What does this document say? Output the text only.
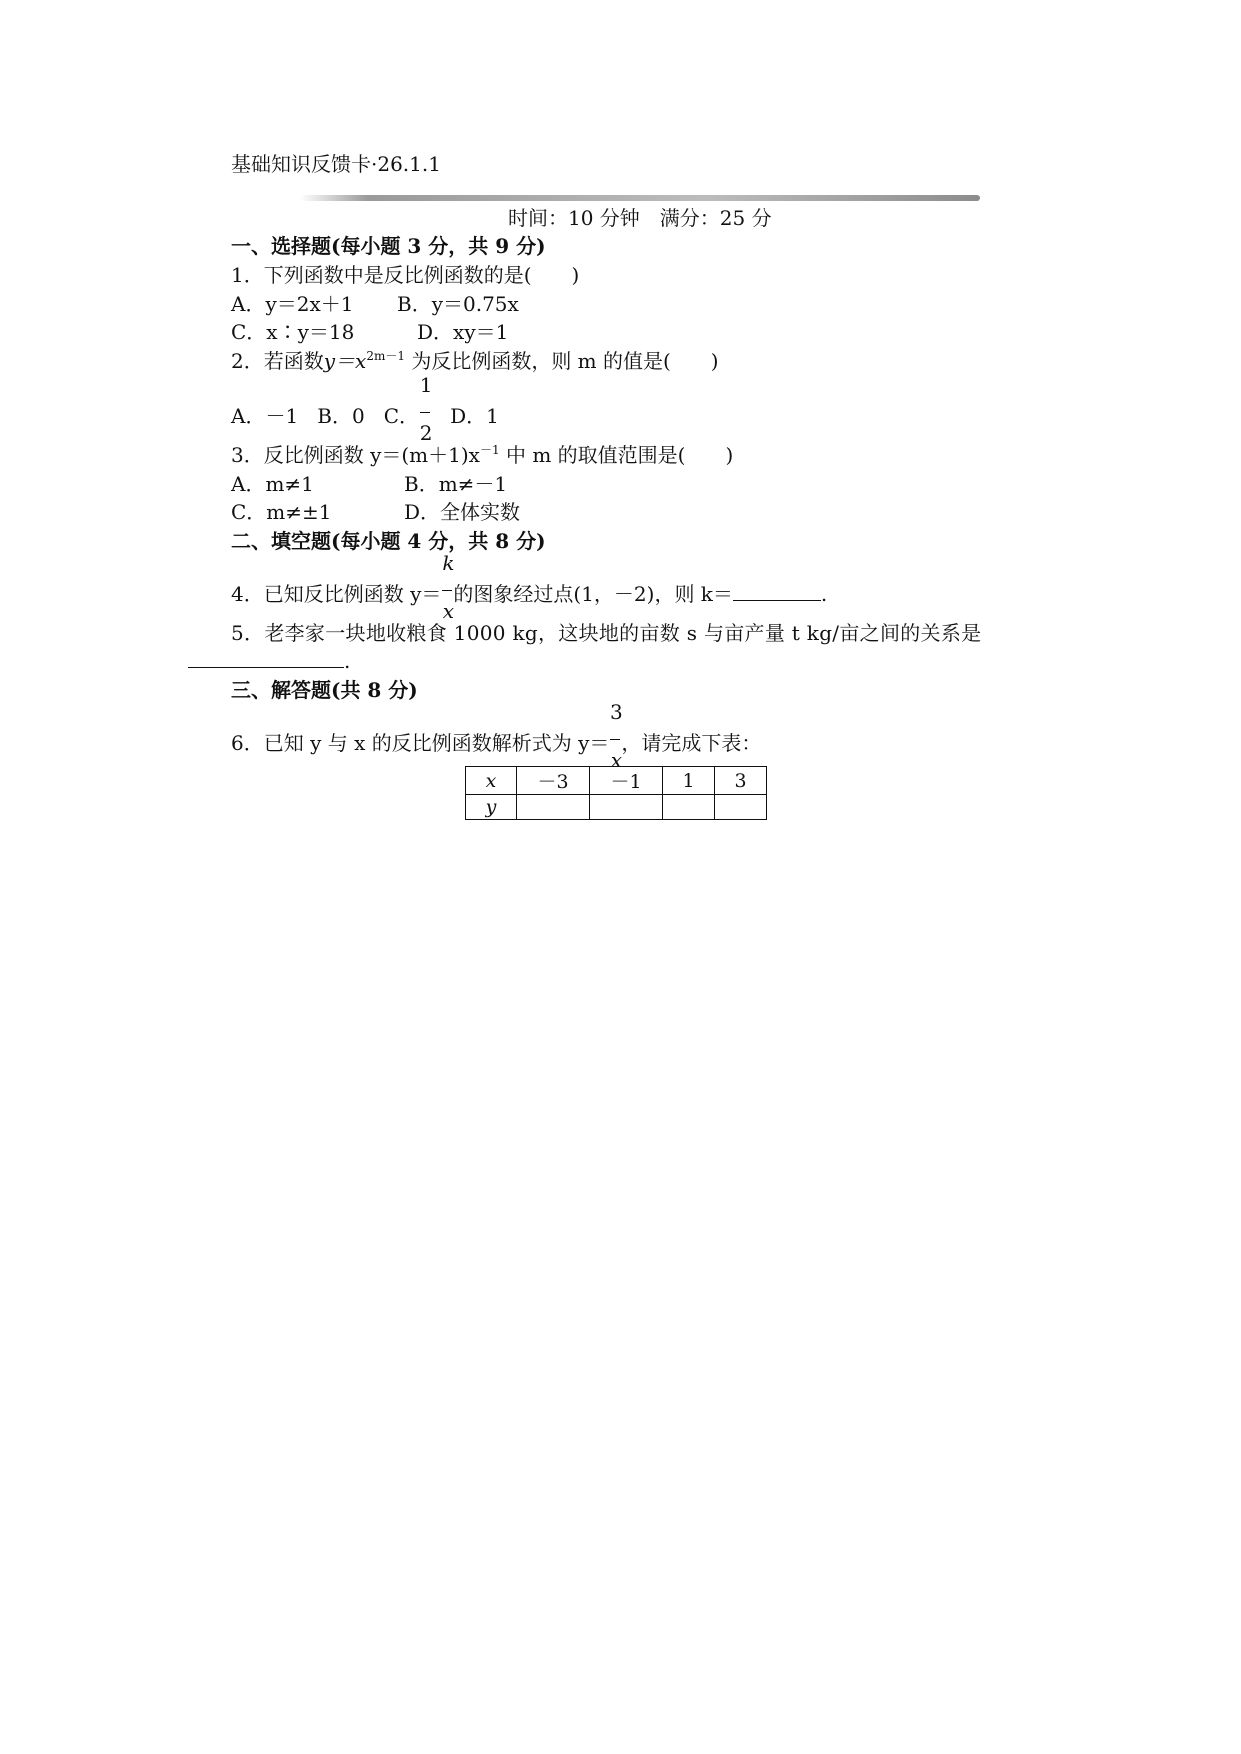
基础知识反馈卡·26.1.1
时间：10 分钟　满分：25 分
一、选择题(每小题 3 分，共 9 分)
1．下列函数中是反比例函数的是(　　)
A．y＝2x＋1 B．y＝0.75x
C．x∶y＝18	D．xy＝1
2．若函数$y=x^{2m-1}$ 为反比例函数，则 m 的值是(　　)
A．－1 B．0 C． $\frac{1}{2}$ D．1
3．反比例函数 $y=(m+1)x^{-1}$ 中 m 的取值范围是(　　)
A．m≠1	B．m≠－1
C．m≠±1	D．全体实数
二、填空题(每小题 4 分，共 8 分)
4．已知反比例函数 $y= \frac{k}{x}$ 的图象经过点(1，－2)，则 k＝	.
5．老李家一块地收粮食 1000 kg，这块地的亩数 s 与亩产量 t kg/亩之间的关系是
.
三、解答题(共 8 分)
6．已知 y 与 x 的反比例函数解析式为 $y= \frac{3}{x}$ ，请完成下表：
x	－3	－1	1	3
y				
